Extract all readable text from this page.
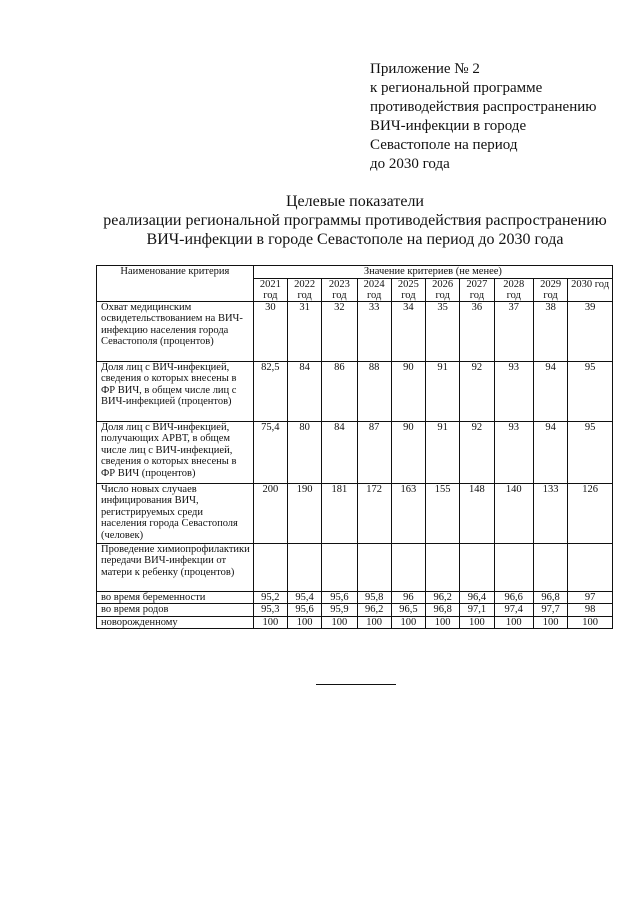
Приложение № 2
к региональной программе
противодействия распространению
ВИЧ-инфекции в городе
Севастополе на период
до 2030 года
Целевые показатели
реализации региональной программы противодействия распространению
ВИЧ-инфекции в городе Севастополе на период до 2030 года
Наименование критерия	Значение критериев (не менее)									
	2021 год	2022 год	2023 год	2024 год	2025 год	2026 год	2027 год	2028 год	2029 год	2030 год
Охват медицинским освидетельствованием на ВИЧ-инфекцию населения города Севастополя (процентов)	30	31	32	33	34	35	36	37	38	39
Доля лиц с ВИЧ-инфекцией, сведения о которых внесены в ФР ВИЧ, в общем числе лиц с ВИЧ-инфекцией (процентов)	82,5	84	86	88	90	91	92	93	94	95
Доля лиц с ВИЧ-инфекцией, получающих АРВТ, в общем числе лиц с ВИЧ-инфекцией, сведения о которых внесены в ФР ВИЧ (процентов)	75,4	80	84	87	90	91	92	93	94	95
Число новых случаев инфицирования ВИЧ, регистрируемых среди населения города Севастополя (человек)	200	190	181	172	163	155	148	140	133	126
Проведение химиопрофилактики передачи ВИЧ-инфекции от матери к ребенку (процентов)										
во время беременности	95,2	95,4	95,6	95,8	96	96,2	96,4	96,6	96,8	97
во время родов	95,3	95,6	95,9	96,2	96,5	96,8	97,1	97,4	97,7	98
новорожденному	100	100	100	100	100	100	100	100	100	100
